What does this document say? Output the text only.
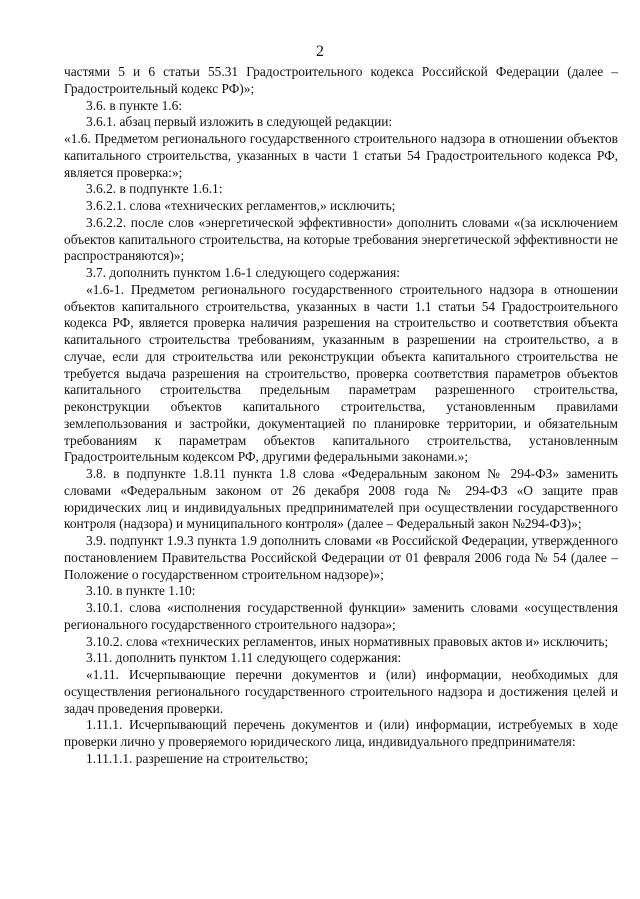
2

частями 5 и 6 статьи 55.31 Градостроительного кодекса Российской Федерации (далее – Градостроительный кодекс РФ)»;

3.6. в пункте 1.6:

3.6.1. абзац первый изложить в следующей редакции:

«1.6. Предметом регионального государственного строительного надзора в отношении объектов капитального строительства, указанных в части 1 статьи 54 Градостроительного кодекса РФ, является проверка:»;

3.6.2. в подпункте 1.6.1:

3.6.2.1. слова «технических регламентов,» исключить;

3.6.2.2. после слов «энергетической эффективности» дополнить словами «(за исключением объектов капитального строительства, на которые требования энергетической эффективности не распространяются)»;

3.7. дополнить пунктом 1.6-1 следующего содержания:

«1.6-1. Предметом регионального государственного строительного надзора в отношении объектов капитального строительства, указанных в части 1.1 статьи 54 Градостроительного кодекса РФ, является проверка наличия разрешения на строительство и соответствия объекта капитального строительства требованиям, указанным в разрешении на строительство, а в случае, если для строительства или реконструкции объекта капитального строительства не требуется выдача разрешения на строительство, проверка соответствия параметров объектов капитального строительства предельным параметрам разрешенного строительства, реконструкции объектов капитального строительства, установленным правилами землепользования и застройки, документацией по планировке территории, и обязательным требованиям к параметрам объектов капитального строительства, установленным Градостроительным кодексом РФ, другими федеральными законами.»;

3.8. в подпункте 1.8.11 пункта 1.8 слова «Федеральным законом № 294-ФЗ» заменить словами «Федеральным законом от 26 декабря 2008 года № 294-ФЗ «О защите прав юридических лиц и индивидуальных предпринимателей при осуществлении государственного контроля (надзора) и муниципального контроля» (далее – Федеральный закон №294-ФЗ)»;

3.9. подпункт 1.9.3 пункта 1.9 дополнить словами «в Российской Федерации, утвержденного постановлением Правительства Российской Федерации от 01 февраля 2006 года № 54 (далее – Положение о государственном строительном надзоре)»;

3.10. в пункте 1.10:

3.10.1. слова «исполнения государственной функции» заменить словами «осуществления регионального государственного строительного надзора»;

3.10.2. слова «технических регламентов, иных нормативных правовых актов и» исключить;

3.11. дополнить пунктом 1.11 следующего содержания:

«1.11. Исчерпывающие перечни документов и (или) информации, необходимых для осуществления регионального государственного строительного надзора и достижения целей и задач проведения проверки.

1.11.1. Исчерпывающий перечень документов и (или) информации, истребуемых в ходе проверки лично у проверяемого юридического лица, индивидуального предпринимателя:

1.11.1.1. разрешение на строительство;
